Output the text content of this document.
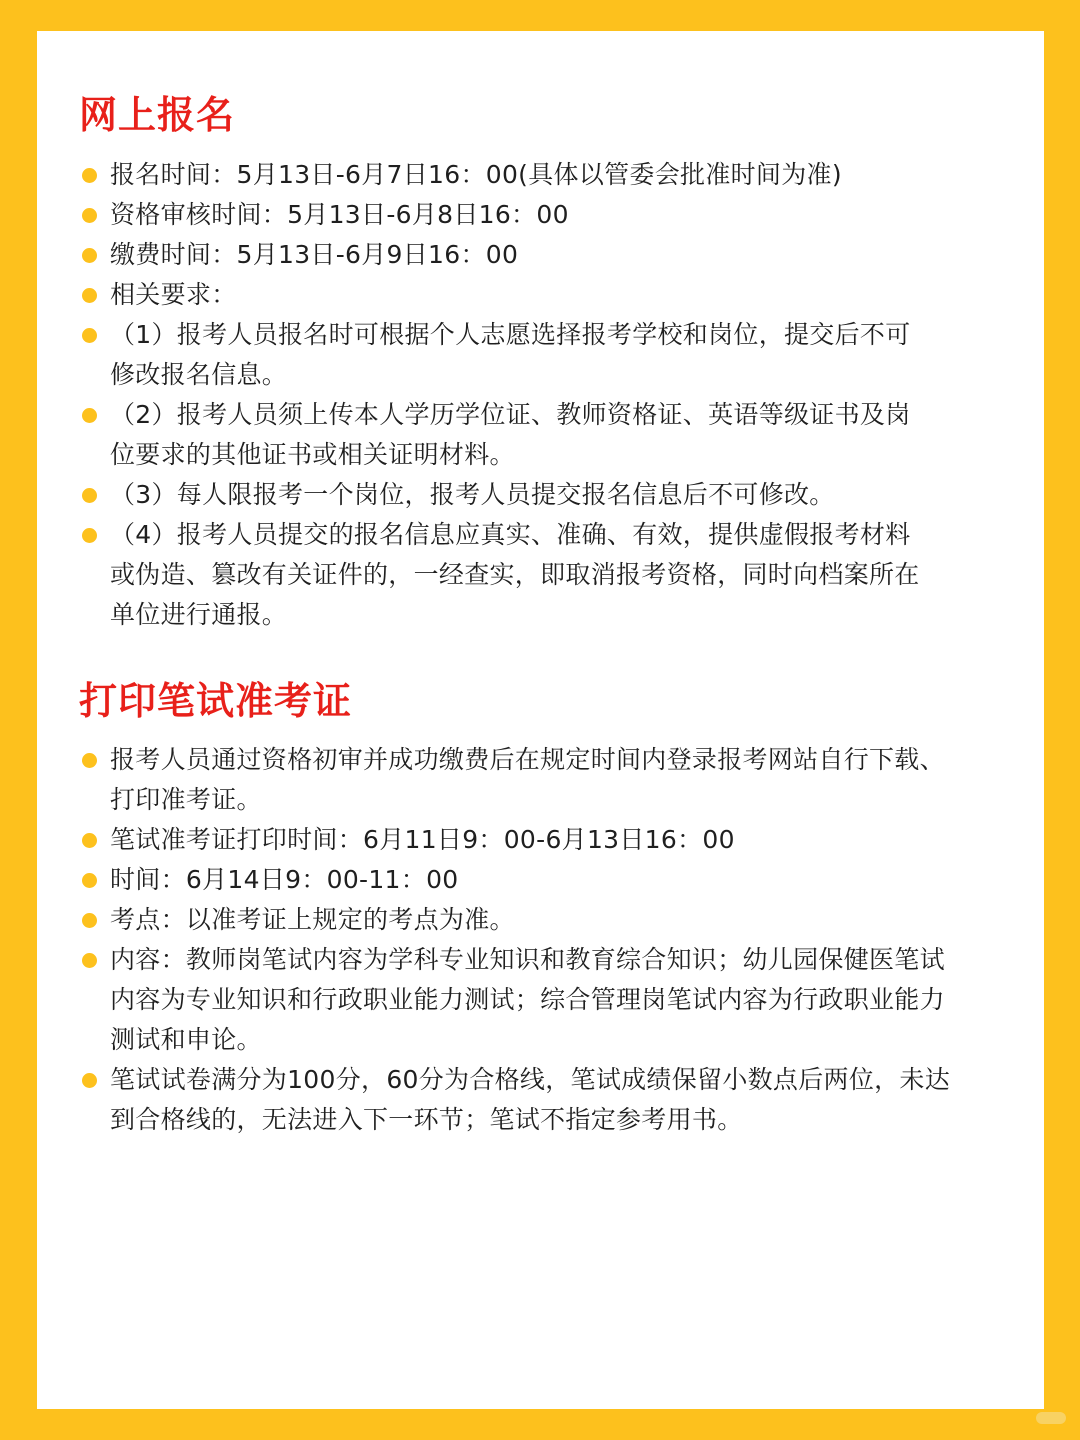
网上报名
报名时间：5月13日-6月7日16：00(具体以管委会批准时间为准)
资格审核时间：5月13日-6月8日16：00
缴费时间：5月13日-6月9日16：00
相关要求：
（1）报考人员报名时可根据个人志愿选择报考学校和岗位，提交后不可
修改报名信息。
（2）报考人员须上传本人学历学位证、教师资格证、英语等级证书及岗
位要求的其他证书或相关证明材料。
（3）每人限报考一个岗位，报考人员提交报名信息后不可修改。
（4）报考人员提交的报名信息应真实、准确、有效，提供虚假报考材料
或伪造、篡改有关证件的，一经查实，即取消报考资格，同时向档案所在
单位进行通报。
打印笔试准考证
报考人员通过资格初审并成功缴费后在规定时间内登录报考网站自行下载、
打印准考证。
笔试准考证打印时间：6月11日9：00-6月13日16：00
时间：6月14日9：00-11：00
考点：以准考证上规定的考点为准。
内容：教师岗笔试内容为学科专业知识和教育综合知识；幼儿园保健医笔试
内容为专业知识和行政职业能力测试；综合管理岗笔试内容为行政职业能力
测试和申论。
笔试试卷满分为100分，60分为合格线，笔试成绩保留小数点后两位，未达
到合格线的，无法进入下一环节；笔试不指定参考用书。
